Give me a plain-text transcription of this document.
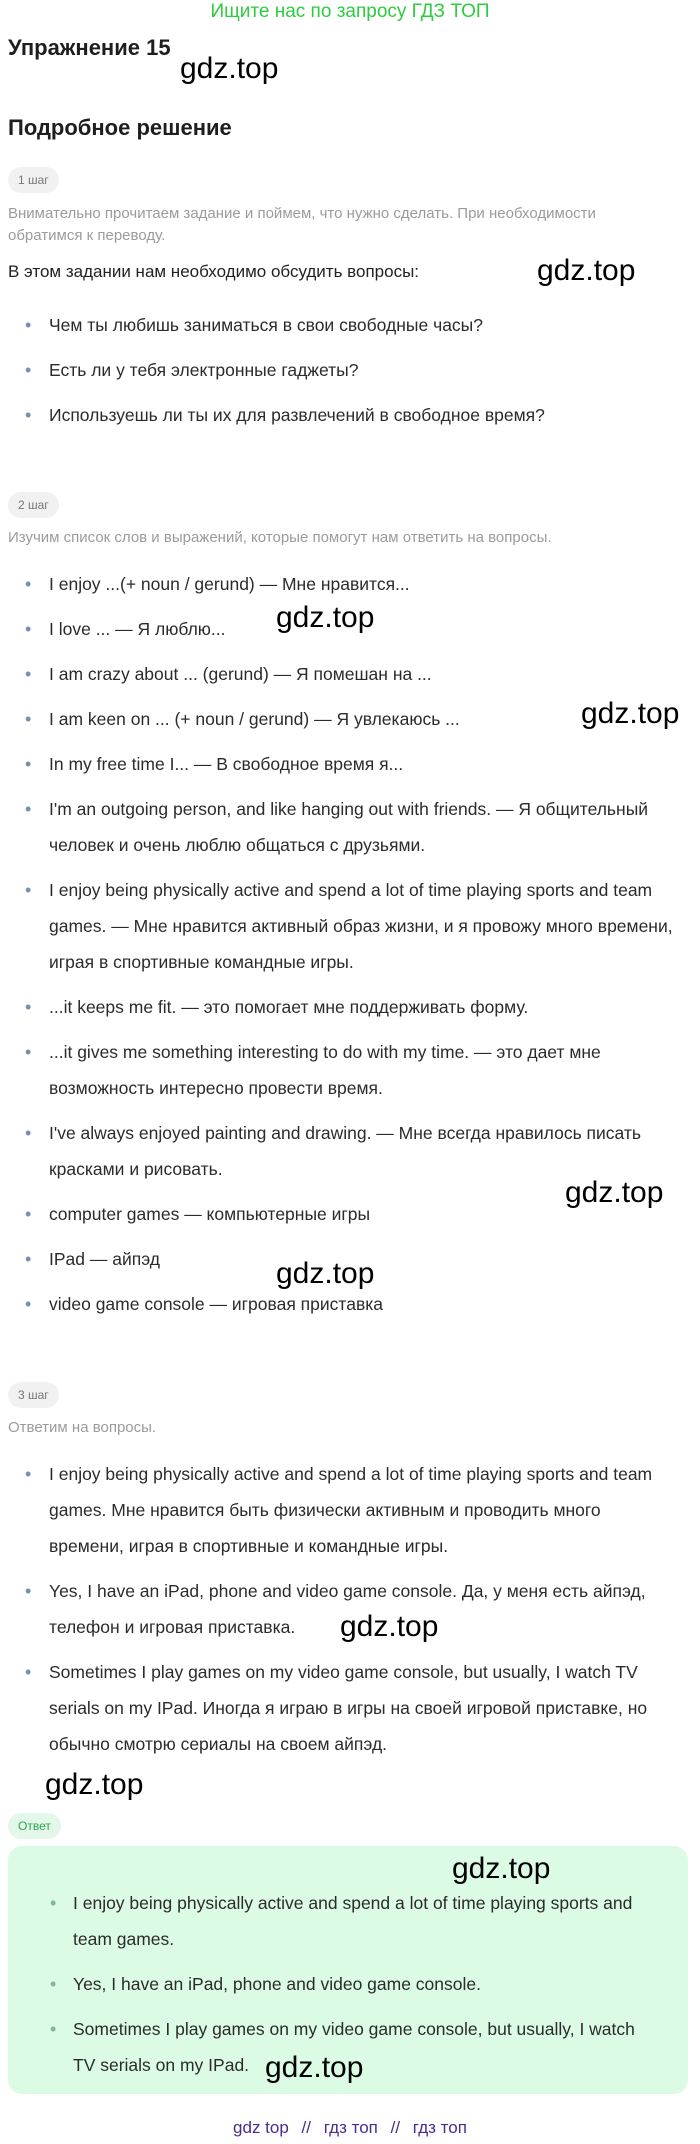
Ищите нас по запросу ГДЗ ТОП
Упражнение 15
gdz.top
Подробное решение
1 шаг
Внимательно прочитаем задание и поймем, что нужно сделать. При необходимости обратимся к переводу.
В этом задании нам необходимо обсудить вопросы:	gdz.top
• Чем ты любишь заниматься в свои свободные часы?
• Есть ли у тебя электронные гаджеты?
• Используешь ли ты их для развлечений в свободное время?
2 шаг
Изучим список слов и выражений, которые помогут нам ответить на вопросы.
• I enjoy ...(+ noun / gerund) — Мне нравится...
• I love ... — Я люблю...
• I am crazy about ... (gerund) — Я помешан на ...
• I am keen on ... (+ noun / gerund) — Я увлекаюсь ...
• In my free time I... — В свободное время я...
• I'm an outgoing person, and like hanging out with friends. — Я общительный человек и очень люблю общаться с друзьями.
• I enjoy being physically active and spend a lot of time playing sports and team games. — Мне нравится активный образ жизни, и я провожу много времени, играя в спортивные командные игры.
• ...it keeps me fit. — это помогает мне поддерживать форму.
• ...it gives me something interesting to do with my time. — это дает мне возможность интересно провести время.
• I've always enjoyed painting and drawing. — Мне всегда нравилось писать красками и рисовать.
• computer games — компьютерные игры
• IPad — айпэд
• video game console — игровая приставка
gdz.top
gdz.top
gdz.top
gdz.top
3 шаг
Ответим на вопросы.
• I enjoy being physically active and spend a lot of time playing sports and team games. Мне нравится быть физически активным и проводить много времени, играя в спортивные и командные игры.
• Yes, I have an iPad, phone and video game console. Да, у меня есть айпэд, телефон и игровая приставка.
• Sometimes I play games on my video game console, but usually, I watch TV serials on my IPad. Иногда я играю в игры на своей игровой приставке, но обычно смотрю сериалы на своем айпэд.
gdz.top
gdz.top
Ответ
gdz.top
• I enjoy being physically active and spend a lot of time playing sports and team games.
• Yes, I have an iPad, phone and video game console.
• Sometimes I play games on my video game console, but usually, I watch TV serials on my IPad. gdz.top
gdz top // гдз топ // гдз топ
